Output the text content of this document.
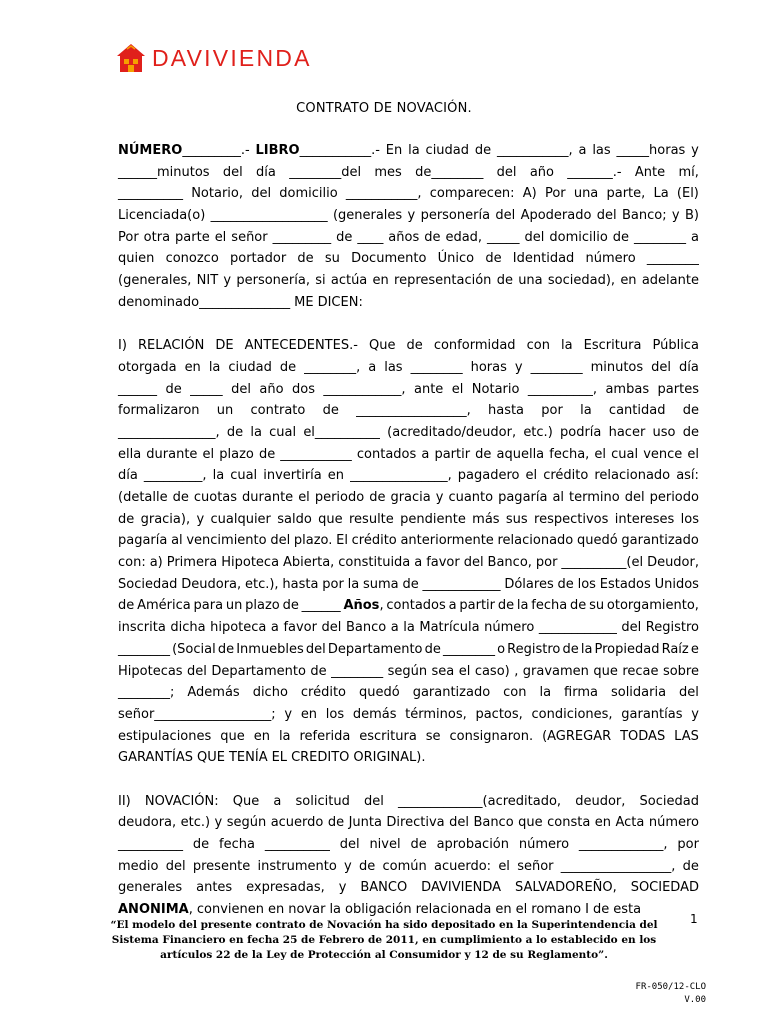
DAVIVIENDA
CONTRATO DE NOVACIÓN.
NÚMERO_________.- LIBRO___________.- En la ciudad de ___________, a las _____horas y
______minutos del día ________del mes de________ del año _______.- Ante mí,
__________ Notario, del domicilio ___________, comparecen: A) Por una parte, La (El)
Licenciada(o) __________________ (generales y personería del Apoderado del Banco; y B)
Por otra parte el señor _________ de ____ años de edad, _____ del domicilio de ________ a
quien conozco portador de su Documento Único de Identidad número ________
(generales, NIT y personería, si actúa en representación de una sociedad), en adelante
denominado______________ ME DICEN:
I) RELACIÓN DE ANTECEDENTES.- Que de conformidad con la Escritura Pública
otorgada en la ciudad de ________, a las ________ horas y ________ minutos del día
______ de _____ del año dos ____________, ante el Notario __________, ambas partes
formalizaron un contrato de _________________, hasta por la cantidad de
_______________, de la cual el__________ (acreditado/deudor, etc.) podría hacer uso de
ella durante el plazo de ___________ contados a partir de aquella fecha, el cual vence el
día _________, la cual invertiría en _______________, pagadero el crédito relacionado así:
(detalle de cuotas durante el periodo de gracia y cuanto pagaría al termino del periodo
de gracia), y cualquier saldo que resulte pendiente más sus respectivos intereses los
pagaría al vencimiento del plazo. El crédito anteriormente relacionado quedó garantizado
con: a) Primera Hipoteca Abierta, constituida a favor del Banco, por __________(el Deudor,
Sociedad Deudora, etc.), hasta por la suma de ____________ Dólares de los Estados Unidos
de América para un plazo de ______ Años, contados a partir de la fecha de su otorgamiento,
inscrita dicha hipoteca a favor del Banco a la Matrícula número ____________ del Registro
________ (Social de Inmuebles del Departamento de ________ o Registro de la Propiedad Raíz e
Hipotecas del Departamento de ________ según sea el caso) , gravamen que recae sobre
________; Además dicho crédito quedó garantizado con la firma solidaria del
señor__________________; y en los demás términos, pactos, condiciones, garantías y
estipulaciones que en la referida escritura se consignaron. (AGREGAR TODAS LAS
GARANTÍAS QUE TENÍA EL CREDITO ORIGINAL).
II) NOVACIÓN: Que a solicitud del _____________(acreditado, deudor, Sociedad
deudora, etc.) y según acuerdo de Junta Directiva del Banco que consta en Acta número
__________ de fecha __________ del nivel de aprobación número _____________, por
medio del presente instrumento y de común acuerdo: el señor _________________, de
generales antes expresadas, y BANCO DAVIVIENDA SALVADOREÑO, SOCIEDAD
ANONIMA, convienen en novar la obligación relacionada en el romano I de esta
1
“El modelo del presente contrato de Novación ha sido depositado en la Superintendencia del Sistema Financiero en fecha 25 de Febrero de 2011, en cumplimiento a lo establecido en los artículos 22 de la Ley de Protección al Consumidor y 12 de su Reglamento”.
FR-050/12-CLO
V.00
